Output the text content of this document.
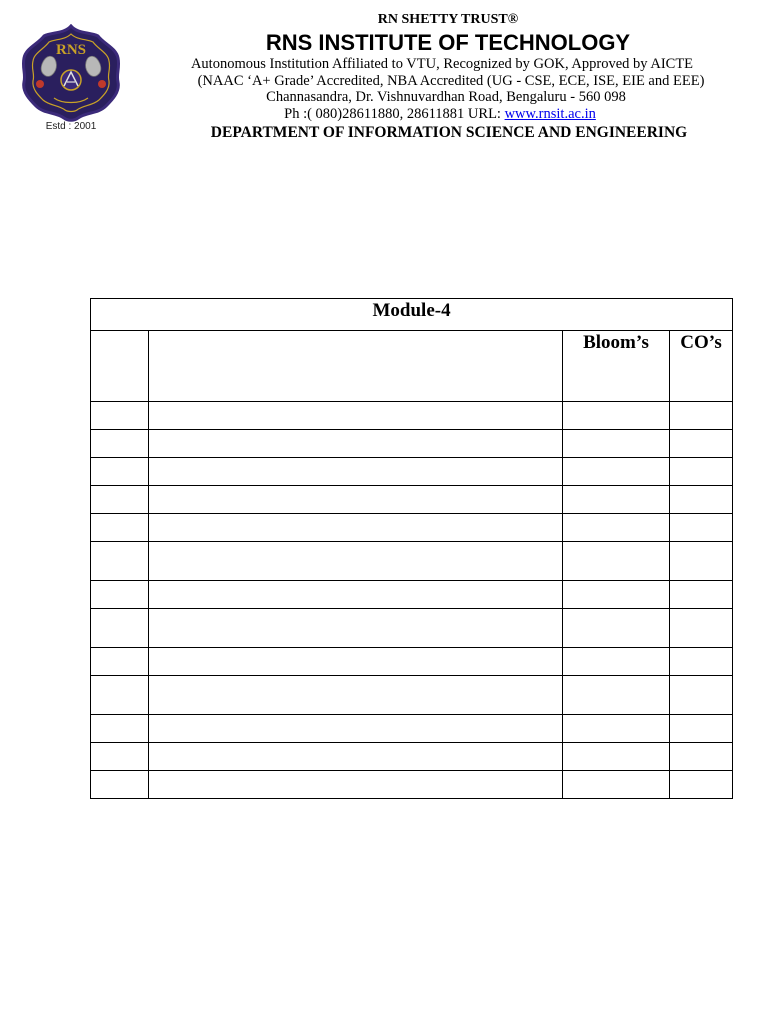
RNS
Estd : 2001
RN SHETTY TRUST®
RNS INSTITUTE OF TECHNOLOGY
Autonomous Institution Affiliated to VTU, Recognized by GOK, Approved by AICTE
(NAAC ‘A+ Grade’ Accredited, NBA Accredited (UG - CSE, ECE, ISE, EIE and EEE)
Channasandra, Dr. Vishnuvardhan Road, Bengaluru - 560 098
Ph :( 080)28611880, 28611881 URL: www.rnsit.ac.in
DEPARTMENT OF INFORMATION SCIENCE AND ENGINEERING
Module-4			
		Bloom’s	CO’s
